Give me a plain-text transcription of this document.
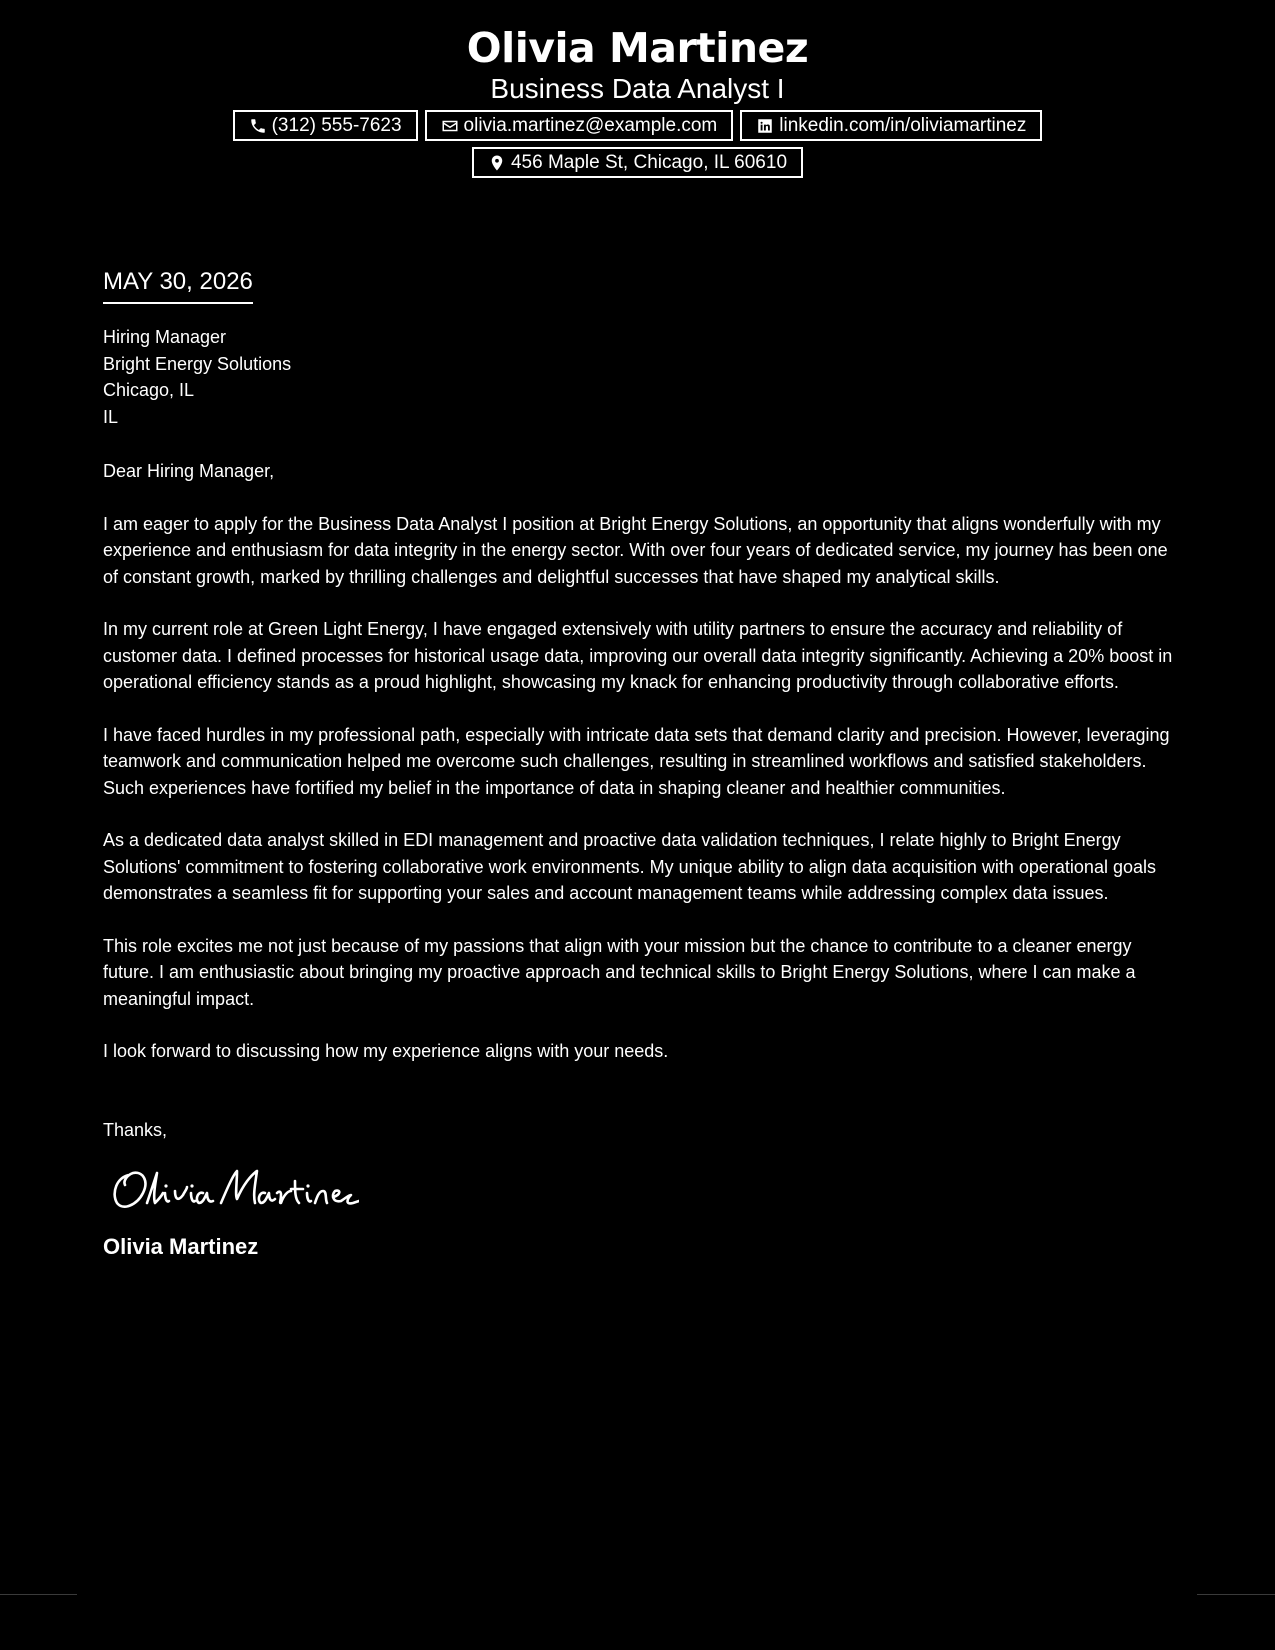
Olivia Martinez
Business Data Analyst I
(312) 555-7623	olivia.martinez@example.com	linkedin.com/in/oliviamartinez
456 Maple St, Chicago, IL 60610
MAY 30, 2026
Hiring Manager
Bright Energy Solutions
Chicago, IL
IL
Dear Hiring Manager,
I am eager to apply for the Business Data Analyst I position at Bright Energy Solutions, an opportunity that aligns wonderfully with my experience and enthusiasm for data integrity in the energy sector. With over four years of dedicated service, my journey has been one of constant growth, marked by thrilling challenges and delightful successes that have shaped my analytical skills.
In my current role at Green Light Energy, I have engaged extensively with utility partners to ensure the accuracy and reliability of customer data. I defined processes for historical usage data, improving our overall data integrity significantly. Achieving a 20% boost in operational efficiency stands as a proud highlight, showcasing my knack for enhancing productivity through collaborative efforts.
I have faced hurdles in my professional path, especially with intricate data sets that demand clarity and precision. However, leveraging teamwork and communication helped me overcome such challenges, resulting in streamlined workflows and satisfied stakeholders. Such experiences have fortified my belief in the importance of data in shaping cleaner and healthier communities.
As a dedicated data analyst skilled in EDI management and proactive data validation techniques, I relate highly to Bright Energy Solutions' commitment to fostering collaborative work environments. My unique ability to align data acquisition with operational goals demonstrates a seamless fit for supporting your sales and account management teams while addressing complex data issues.
This role excites me not just because of my passions that align with your mission but the chance to contribute to a cleaner energy future. I am enthusiastic about bringing my proactive approach and technical skills to Bright Energy Solutions, where I can make a meaningful impact.
I look forward to discussing how my experience aligns with your needs.
Thanks,
Olivia Martinez
